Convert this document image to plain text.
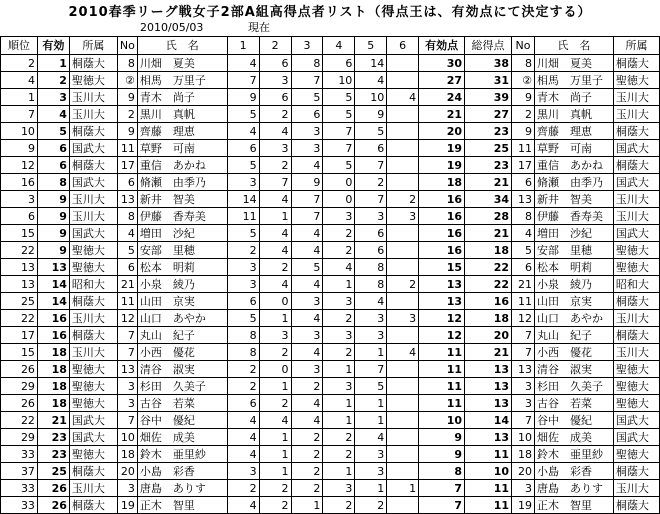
2010春季リーグ戦女子2部A組高得点者リスト（得点王は、有効点にて決定する）
2010/05/03	現在
順位	有効	所属	No	氏　名	1	2	3	4	5	6	有効点	総得点	No	氏　名	所属
2	1	桐蔭大	8	川畑　夏美	4	6	8	6	14		30	38	8	川畑　夏美	桐蔭大
4	2	聖徳大	②	相馬　万里子	7	3	7	10	4		27	31	②	相馬　万里子	聖徳大
1	3	玉川大	9	青木　尚子	9	6	5	5	10	4	24	39	9	青木　尚子	玉川大
7	4	玉川大	2	黒川　真帆	5	2	6	5	9		21	27	2	黒川　真帆	玉川大
10	5	桐蔭大	9	齊藤　理恵	4	4	3	7	5		20	23	9	齊藤　理恵	桐蔭大
9	6	国武大	11	草野　可南	6	3	3	7	6		19	25	11	草野　可南	国武大
12	6	桐蔭大	17	重信　あかね	5	2	4	5	7		19	23	17	重信　あかね	桐蔭大
16	8	国武大	6	脩瀬　由季乃	3	7	9	0	2		18	21	6	脩瀬　由季乃	国武大
3	9	玉川大	13	新井　智美	14	4	7	0	7	2	16	34	13	新井　智美	玉川大
6	9	玉川大	8	伊藤　香寿美	11	1	7	3	3	3	16	28	8	伊藤　香寿美	玉川大
15	9	国武大	4	増田　沙紀	5	4	4	2	6		16	21	4	増田　沙紀	国武大
22	9	聖徳大	5	安部　里穂	2	4	4	2	6		16	18	5	安部　里穂	聖徳大
13	13	聖徳大	6	松本　明莉	3	2	5	4	8		15	22	6	松本　明莉	聖徳大
13	14	昭和大	21	小泉　綾乃	3	4	4	1	8	2	13	22	21	小泉　綾乃	昭和大
25	14	桐蔭大	11	山田　京実	6	0	3	3	4		13	16	11	山田　京実	桐蔭大
22	16	玉川大	12	山口　あやか	5	1	4	2	3	3	12	18	12	山口　あやか	玉川大
17	16	桐蔭大	7	丸山　紀子	8	3	3	3	3		12	20	7	丸山　紀子	桐蔭大
15	18	玉川大	7	小西　優花	8	2	4	2	1	4	11	21	7	小西　優花	玉川大
26	18	聖徳大	13	清谷　淑実	2	0	3	1	7		11	13	13	清谷　淑実	聖徳大
29	18	聖徳大	3	杉田　久美子	2	1	2	3	5		11	13	3	杉田　久美子	聖徳大
26	18	聖徳大	3	古谷　若菜	6	2	4	1	1		11	13	3	古谷　若菜	聖徳大
22	21	国武大	7	谷中　優紀	4	4	4	1	1		10	14	7	谷中　優紀	国武大
29	23	国武大	10	畑佐　成美	4	1	2	2	4		9	13	10	畑佐　成美	国武大
33	23	聖徳大	18	鈴木　亜里紗	4	1	2	2	3		9	11	18	鈴木　亜里紗	聖徳大
37	25	桐蔭大	20	小島　彩香	3	1	2	1	3		8	10	20	小島　彩香	桐蔭大
33	26	玉川大	3	唐島　ありす	2	2	2	3	1	1	7	11	3	唐島　ありす	玉川大
33	26	桐蔭大	19	正木　智里	4	2	1	2	2		7	11	19	正木　智里	桐蔭大
